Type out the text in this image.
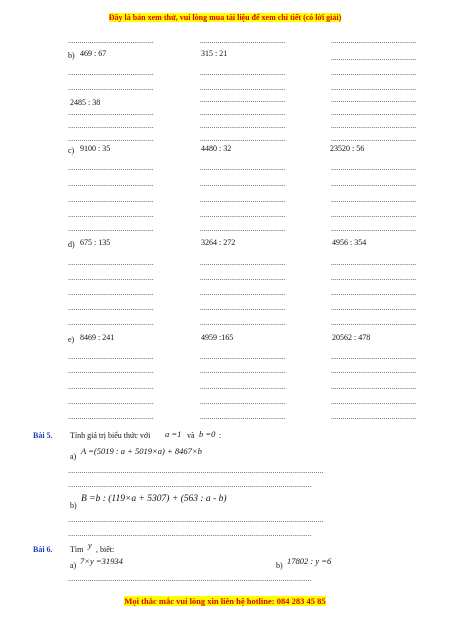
Đây là bản xem thử, vui lòng mua tài liệu để xem chi tiết (có lời giải)
............................................	............................................	............................................
............................................	............................................	............................................
............................................	............................................	............................................
............................................
............................................	............................................	............................................
............................................	............................................	............................................
............................................	............................................	............................................
............................................	............................................
............................................	............................................	............................................
............................................	............................................	............................................
............................................	............................................	............................................
............................................	............................................	............................................
............................................	............................................	............................................
............................................	............................................	............................................
............................................	............................................	............................................
............................................	............................................	............................................
............................................	............................................	............................................
............................................	............................................	............................................
............................................	............................................	............................................
............................................	............................................	............................................
............................................	............................................	............................................
............................................	............................................	............................................
............................................	............................................	............................................
...................................................................................................................................
.............................................................................................................................
...................................................................................................................................
.............................................................................................................................
.............................................................................................................................
b) 469 : 67	315 : 21
2485 : 38
c) 9100 : 35	4480 : 32	23520 : 56
d) 675 : 135	3264 : 272	4956 : 354
e) 8469 : 241	4959 :165	20562 : 478
Bài 5. Tính giá trị biểu thức với a =1 và b =0 :
a)
A =(5019 : a + 5019×a) + 8467×b
b)
B =b : (119×a + 5307) + (563 : a - b)
Bài 6. Tìm y , biết:
a) 7×y =31934	b) 17802 : y =6
Mọi thắc mắc vui lòng xin liên hệ hotline: 084 283 45 85
